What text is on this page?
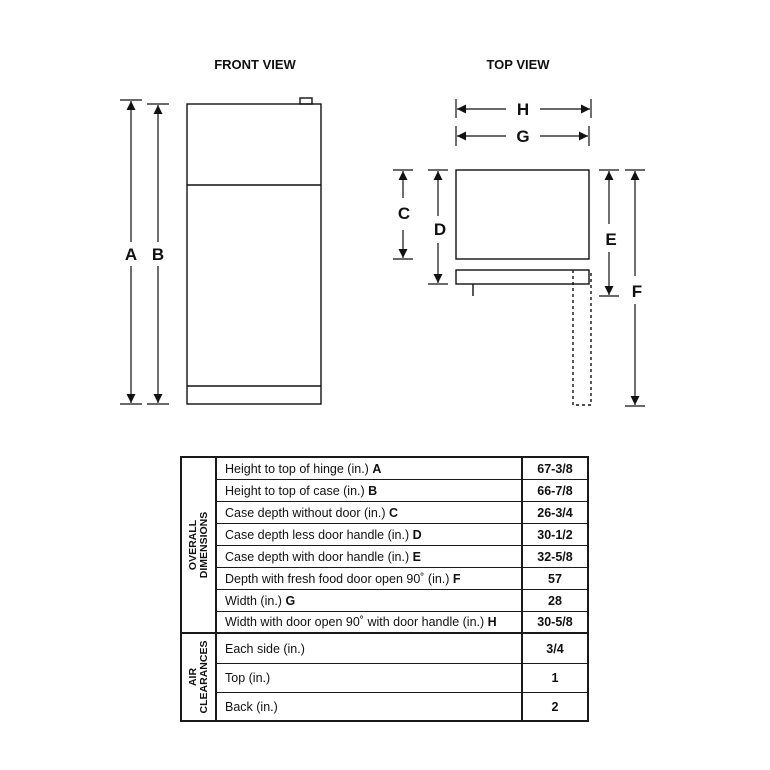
FRONT VIEW	TOP VIEW
A B
H
G
C
D
E
F
OVERALL
DIMENSIONS
Height to top of hinge (in.) A	67-3/8
Height to top of case (in.) B	66-7/8
Case depth without door (in.) C	26-3/4
Case depth less door handle (in.) D	30-1/2
Case depth with door handle (in.) E	32-5/8
Depth with fresh food door open 90˚ (in.) F	57
Width (in.) G	28
Width with door open 90˚ with door handle (in.) H	30-5/8
AIR
CLEARANCES Each side (in.)	3/4
Top (in.)	1
Back (in.)	2
